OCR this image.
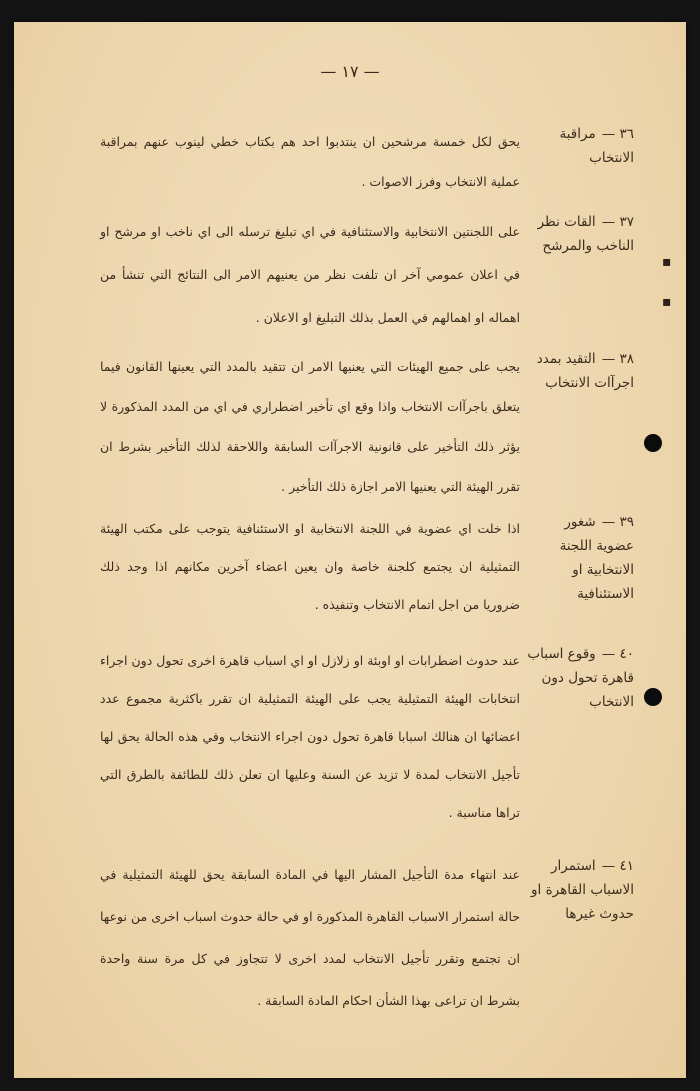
— ١٧ —
٣٦ —مراقبة الانتخاب
يحق لكل خمسة مرشحين ان ينتدبوا احد هم بكتاب خطي لينوب عنهم بمراقبة عملية الانتخاب وفرز الاصوات .
٣٧ —القات نظر الناخب والمرشح
على اللجنتين الانتخابية والاستئنافية في اي تبليغ ترسله الى اي ناخب او مرشح او في اعلان عمومي آخر ان تلفت نظر من يعنيهم الامر الى النتائج التي تنشأ من اهماله او اهمالهم في العمل بذلك التبليغ او الاعلان .
٣٨ —التقيد بمدد اجرآات الانتخاب
يجب على جميع الهيئات التي يعنيها الامر ان تتقيد بالمدد التي يعينها القانون فيما يتعلق باجرآات الانتخاب واذا وقع اي تأخير اضطراري في اي من المدد المذكورة لا يؤثر ذلك التأخير على قانونية الاجرآات السابقة واللاحقة لذلك التأخير بشرط ان تقرر الهيئة التي يعنيها الامر اجازة ذلك التأخير .
٣٩ —شغور عضوية اللجنة الانتخابية او الاستئنافية
اذا خلت اي عضوية في اللجنة الانتخابية او الاستئنافية يتوجب على مكتب الهيئة التمثيلية ان يجتمع كلجنة خاصة وان يعين اعضاء آخرين مكانهم اذا وجد ذلك ضروريا من اجل اتمام الانتخاب وتنفيذه .
٤٠ —وقوع اسباب قاهرة تحول دون الانتخاب
عند حدوث اضطرابات او اوبئة او زلازل او اي اسباب قاهرة اخرى تحول دون اجراء انتخابات الهيئة التمثيلية يجب على الهيئة التمثيلية ان تقرر باكثرية مجموع عدد اعضائها ان هنالك اسبابا قاهرة تحول دون اجراء الانتخاب وفي هذه الحالة يحق لها تأجيل الانتخاب لمدة لا تزيد عن السنة وعليها ان تعلن ذلك للطائفة بالطرق التي تراها مناسبة .
٤١ —استمرار الاسباب القاهرة او حدوث غيرها
عند انتهاء مدة التأجيل المشار اليها في المادة السابقة يحق للهيئة التمثيلية في حالة استمرار الاسباب القاهرة المذكورة او في حالة حدوث اسباب اخرى من نوعها ان تجتمع وتقرر تأجيل الانتخاب لمدد اخرى لا تتجاوز في كل مرة سنة واحدة بشرط ان تراعى بهذا الشأن احكام المادة السابقة .
▪
▪
